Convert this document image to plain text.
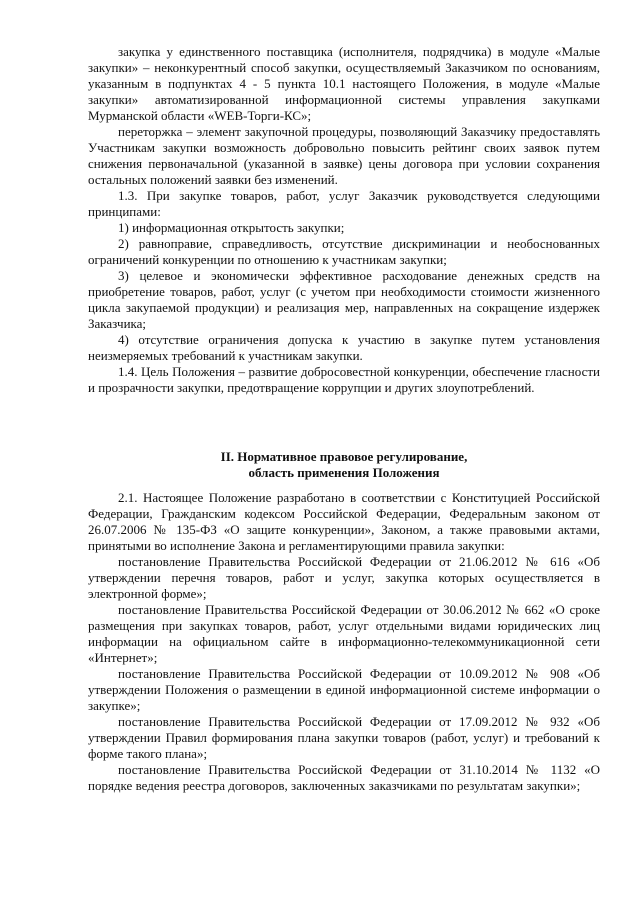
закупка у единственного поставщика (исполнителя, подрядчика) в модуле «Малые закупки» – неконкурентный способ закупки, осуществляемый Заказчиком по основаниям, указанным в подпунктах 4 - 5 пункта 10.1 настоящего Положения, в модуле «Малые закупки» автоматизированной информационной системы управления закупками Мурманской области «WEB-Торги-КС»;

переторжка – элемент закупочной процедуры, позволяющий Заказчику предоставлять Участникам закупки возможность добровольно повысить рейтинг своих заявок путем снижения первоначальной (указанной в заявке) цены договора при условии сохранения остальных положений заявки без изменений.

1.3. При закупке товаров, работ, услуг Заказчик руководствуется следующими принципами:

1) информационная открытость закупки;

2) равноправие, справедливость, отсутствие дискриминации и необоснованных ограничений конкуренции по отношению к участникам закупки;

3) целевое и экономически эффективное расходование денежных средств на приобретение товаров, работ, услуг (с учетом при необходимости стоимости жизненного цикла закупаемой продукции) и реализация мер, направленных на сокращение издержек Заказчика;

4) отсутствие ограничения допуска к участию в закупке путем установления неизмеряемых требований к участникам закупки.

1.4. Цель Положения – развитие добросовестной конкуренции, обеспечение гласности и прозрачности закупки, предотвращение коррупции и других злоупотреблений.

II. Нормативное правовое регулирование,
область применения Положения

2.1. Настоящее Положение разработано в соответствии с Конституцией Российской Федерации, Гражданским кодексом Российской Федерации, Федеральным законом от 26.07.2006 № 135-ФЗ «О защите конкуренции», Законом, а также правовыми актами, принятыми во исполнение Закона и регламентирующими правила закупки:

постановление Правительства Российской Федерации от 21.06.2012 № 616 «Об утверждении перечня товаров, работ и услуг, закупка которых осуществляется в электронной форме»;

постановление Правительства Российской Федерации от 30.06.2012 № 662 «О сроке размещения при закупках товаров, работ, услуг отдельными видами юридических лиц информации на официальном сайте в информационно-телекоммуникационной сети «Интернет»;

постановление Правительства Российской Федерации от 10.09.2012 № 908 «Об утверждении Положения о размещении в единой информационной системе информации о закупке»;

постановление Правительства Российской Федерации от 17.09.2012 № 932 «Об утверждении Правил формирования плана закупки товаров (работ, услуг) и требований к форме такого плана»;

постановление Правительства Российской Федерации от 31.10.2014 № 1132 «О порядке ведения реестра договоров, заключенных заказчиками по результатам закупки»;
